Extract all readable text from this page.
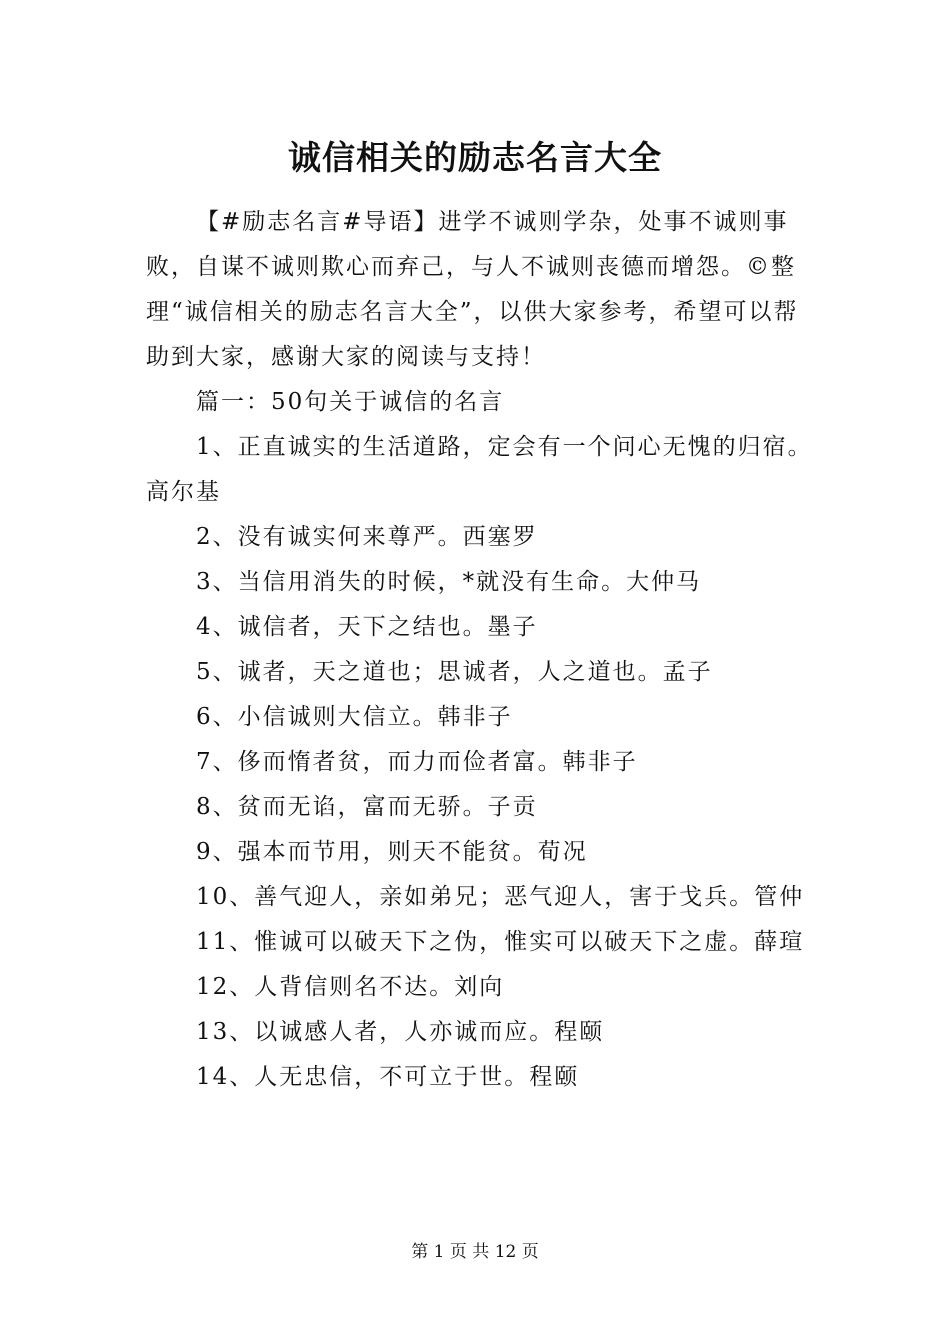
诚信相关的励志名言大全

【#励志名言#导语】进学不诚则学杂，处事不诚则事败，自谋不诚则欺心而弃己，与人不诚则丧德而增怨。©整理“诚信相关的励志名言大全”，以供大家参考，希望可以帮助到大家，感谢大家的阅读与支持！

篇一：50句关于诚信的名言

1、正直诚实的生活道路，定会有一个问心无愧的归宿。高尔基

2、没有诚实何来尊严。西塞罗

3、当信用消失的时候，*就没有生命。大仲马

4、诚信者，天下之结也。墨子

5、诚者，天之道也；思诚者，人之道也。孟子

6、小信诚则大信立。韩非子

7、侈而惰者贫，而力而俭者富。韩非子

8、贫而无谄，富而无骄。子贡

9、强本而节用，则天不能贫。荀况

10、善气迎人，亲如弟兄；恶气迎人，害于戈兵。管仲

11、惟诚可以破天下之伪，惟实可以破天下之虚。薛瑄

12、人背信则名不达。刘向

13、以诚感人者，人亦诚而应。程颐

14、人无忠信，不可立于世。程颐

第 1 页 共 12 页
